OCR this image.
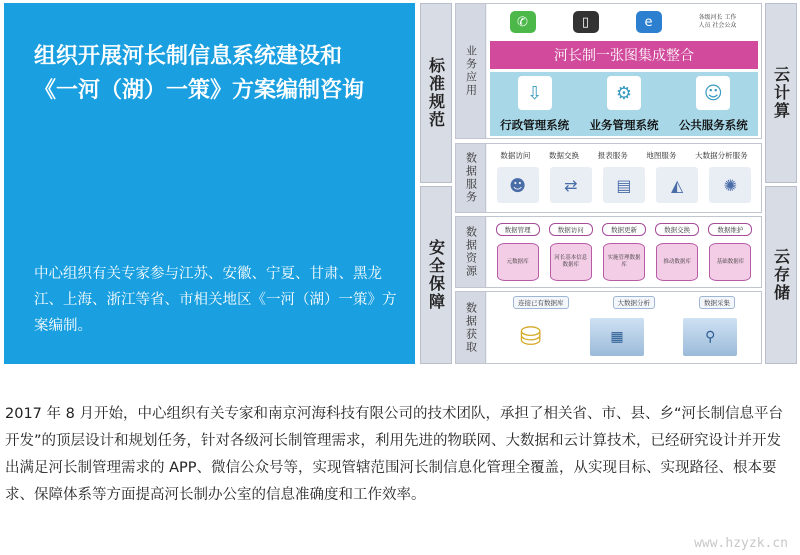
组织开展河长制信息系统建设和
《一河（湖）一策》方案编制咨询
中心组织有关专家参与江苏、安徽、宁夏、甘肃、黑龙江、上海、浙江等省、市相关地区《一河（湖）一策》方案编制。
标准规范
安全保障
云计算
云存储
业务应用
✆	▯	e	各级河长 工作人员 社会公众
河长制一张图集成整合
⇩	⚙	☺
行政管理系统 业务管理系统 公共服务系统
数据服务	数据访问 数据交换 报表服务 地图服务 大数据分析服务
☻	⇄	▤	◭	✺
数据资源	数据管理	数据访问	数据更新	数据交换	数据维护
元数据库
河长基本信息数据库
实施管理数据库
推动数据库	基础数据库
数据获取	连接已有数据库	大数据分析	数据采集
⛁	▦	⚲
2017 年 8 月开始，中心组织有关专家和南京河海科技有限公司的技术团队，承担了相关省、市、县、乡“河长制信息平台开发”的顶层设计和规划任务，针对各级河长制管理需求，利用先进的物联网、大数据和云计算技术，已经研究设计并开发出满足河长制管理需求的 APP、微信公众号等，实现管辖范围河长制信息化管理全覆盖，从实现目标、实现路径、根本要求、保障体系等方面提高河长制办公室的信息准确度和工作效率。
www.hzyzk.cn
